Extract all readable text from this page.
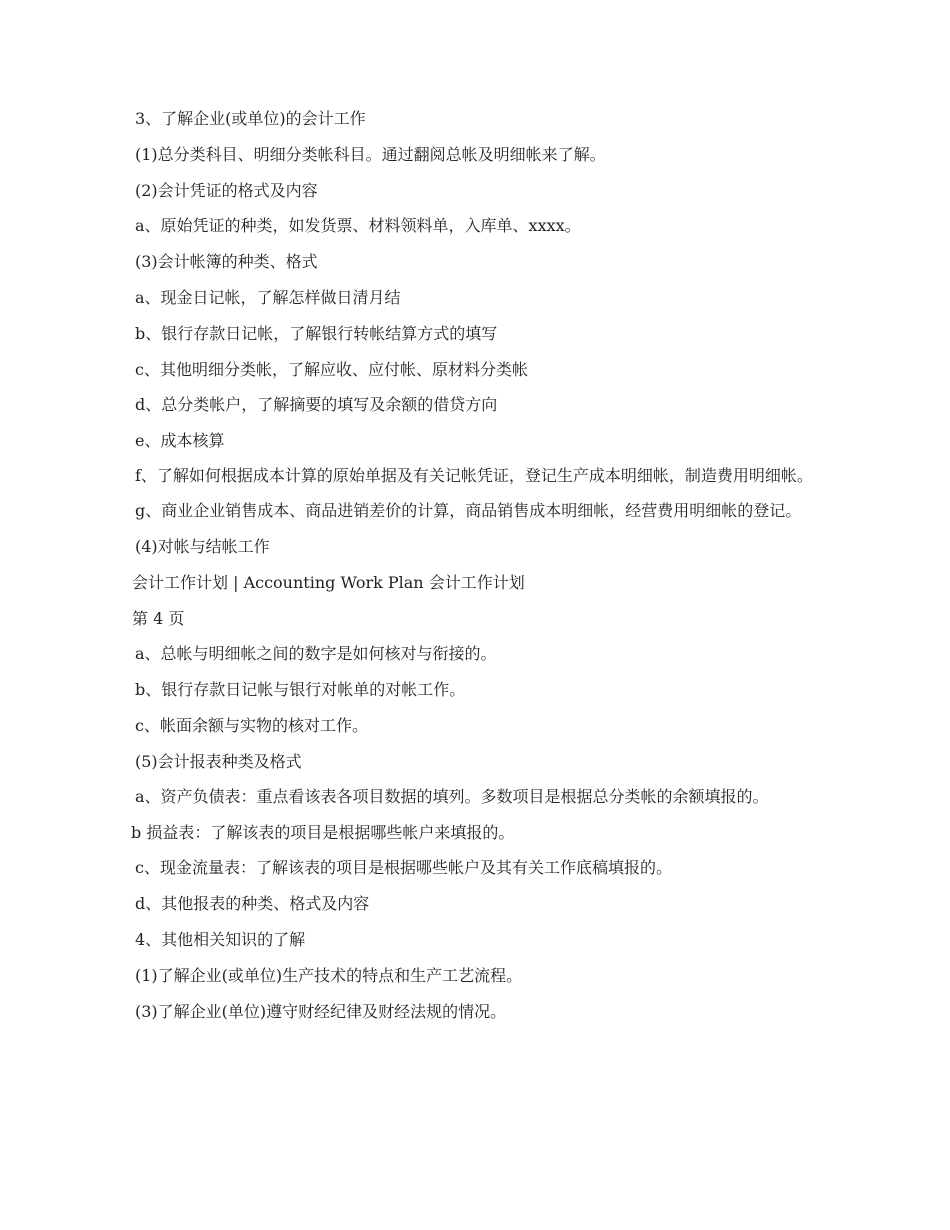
3、了解企业(或单位)的会计工作

(1)总分类科目、明细分类帐科目。通过翻阅总帐及明细帐来了解。

(2)会计凭证的格式及内容

a、原始凭证的种类，如发货票、材料领料单，入库单、xxxx。

(3)会计帐簿的种类、格式

a、现金日记帐，了解怎样做日清月结

b、银行存款日记帐，了解银行转帐结算方式的填写

c、其他明细分类帐，了解应收、应付帐、原材料分类帐

d、总分类帐户，了解摘要的填写及余额的借贷方向

e、成本核算

f、了解如何根据成本计算的原始单据及有关记帐凭证，登记生产成本明细帐，制造费用明细帐。

g、商业企业销售成本、商品进销差价的计算，商品销售成本明细帐，经营费用明细帐的登记。

(4)对帐与结帐工作

会计工作计划 | Accounting Work Plan 会计工作计划

第 4 页

a、总帐与明细帐之间的数字是如何核对与衔接的。

b、银行存款日记帐与银行对帐单的对帐工作。

c、帐面余额与实物的核对工作。

(5)会计报表种类及格式

a、资产负债表：重点看该表各项目数据的填列。多数项目是根据总分类帐的余额填报的。

b 损益表：了解该表的项目是根据哪些帐户来填报的。

c、现金流量表：了解该表的项目是根据哪些帐户及其有关工作底稿填报的。

d、其他报表的种类、格式及内容

4、其他相关知识的了解

(1)了解企业(或单位)生产技术的特点和生产工艺流程。

(3)了解企业(单位)遵守财经纪律及财经法规的情况。
